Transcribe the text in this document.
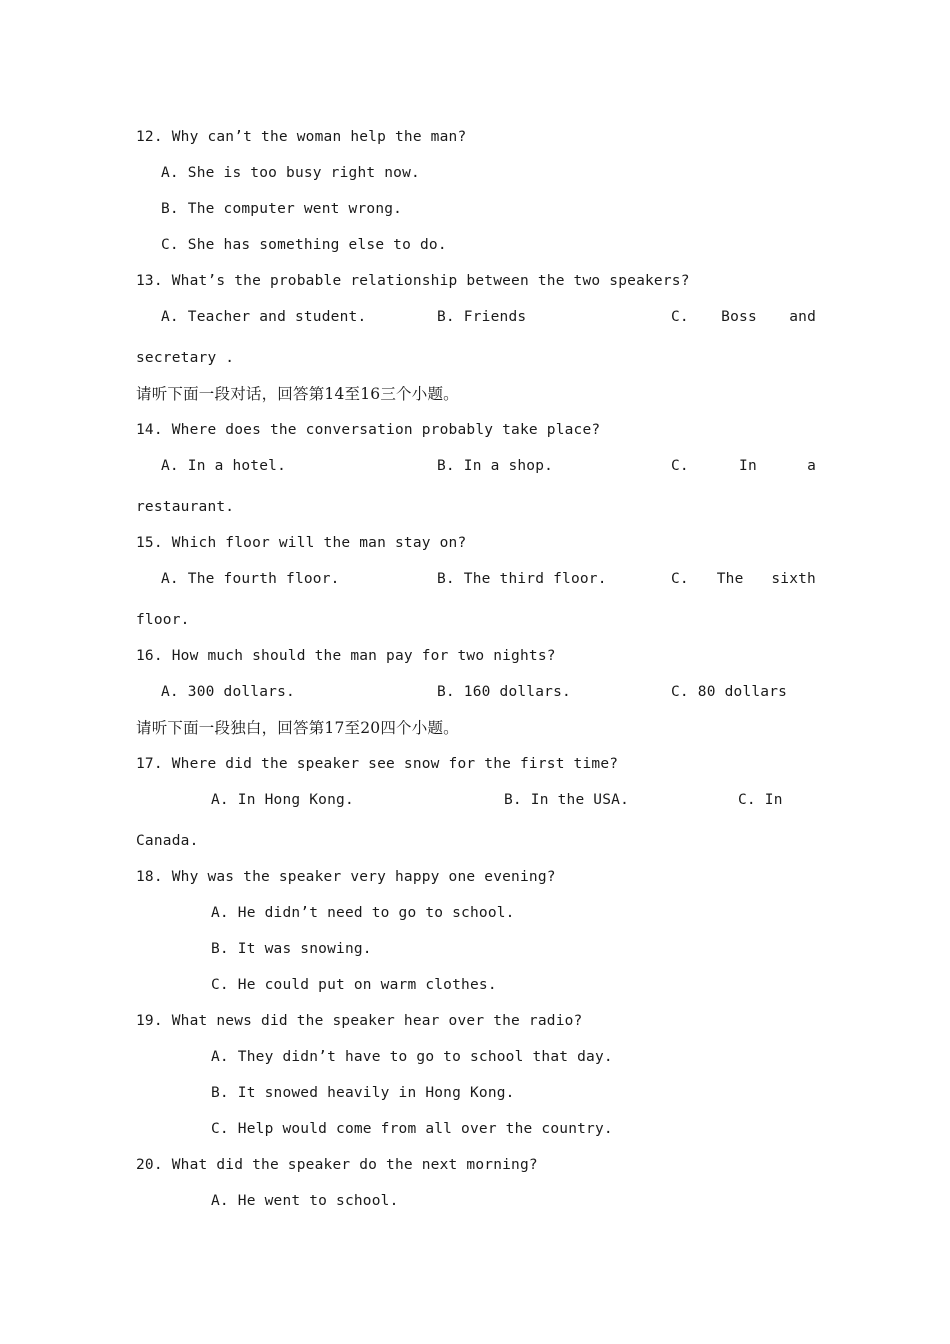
12. Why can’t the woman help the man?
A. She is too busy right now.
B. The computer went wrong.
C. She has something else to do.
13. What’s the probable relationship between the two speakers?

A. Teacher and student.

	B. Friends

	C. Boss and
secretary .
请听下面一段对话，回答第14至16三个小题。
14. Where does the conversation probably take place?

A. In a hotel.

	B. In a shop.

	C.	In	a
restaurant.
15. Which floor will the man stay on?

A. The fourth floor.

	B. The third floor.

	C. The sixth
floor.
16. How much should the man pay for two nights?

A. 300 dollars.

	B. 160 dollars.

	C. 80 dollars

请听下面一段独白，回答第17至20四个小题。
17. Where did the speaker see snow for the first time?

A. In Hong Kong.

	B. In the USA.

	C. In

Canada.
18. Why was the speaker very happy one evening?
A. He didn’t need to go to school.
B. It was snowing.
C. He could put on warm clothes.
19. What news did the speaker hear over the radio?
A. They didn’t have to go to school that day.
B. It snowed heavily in Hong Kong.
C. Help would come from all over the country.
20. What did the speaker do the next morning?
A. He went to school.
